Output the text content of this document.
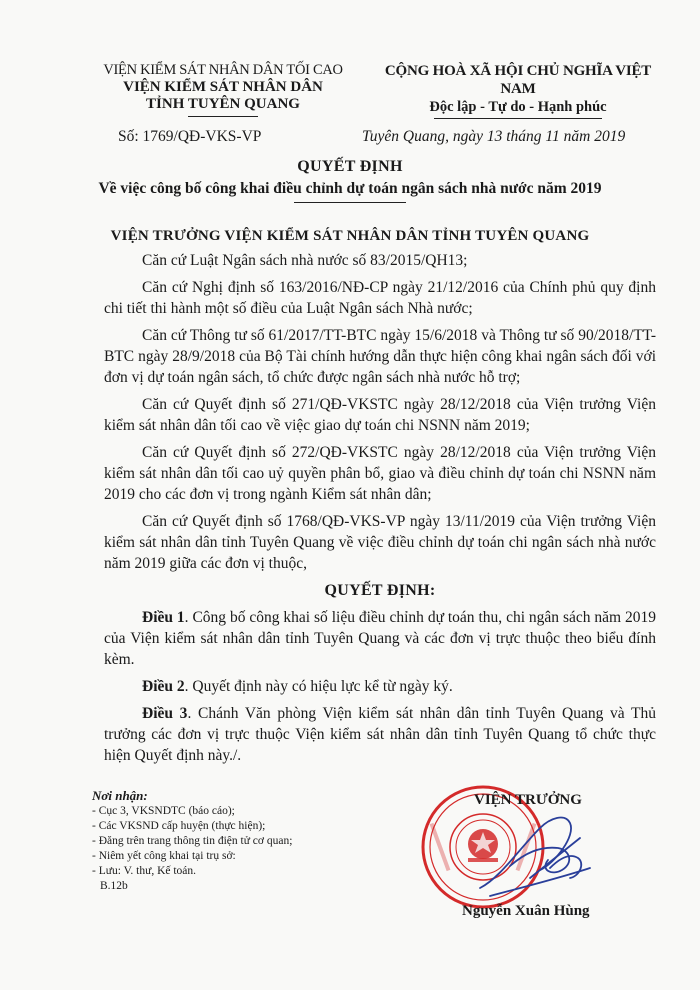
VIỆN KIỂM SÁT NHÂN DÂN TỐI CAO
VIỆN KIỂM SÁT NHÂN DÂN
TỈNH TUYÊN QUANG
CỘNG HOÀ XÃ HỘI CHỦ NGHĨA VIỆT NAM
Độc lập - Tự do - Hạnh phúc
Số: 1769/QĐ-VKS-VP	Tuyên Quang, ngày 13 tháng 11 năm 2019
QUYẾT ĐỊNH
Về việc công bố công khai điều chỉnh dự toán ngân sách nhà nước năm 2019
VIỆN TRƯỞNG VIỆN KIỂM SÁT NHÂN DÂN TỈNH TUYÊN QUANG

Căn cứ Luật Ngân sách nhà nước số 83/2015/QH13;

Căn cứ Nghị định số 163/2016/NĐ-CP ngày 21/12/2016 của Chính phủ quy định chi tiết thi hành một số điều của Luật Ngân sách Nhà nước;

Căn cứ Thông tư số 61/2017/TT-BTC ngày 15/6/2018 và Thông tư số 90/2018/TT-BTC ngày 28/9/2018 của Bộ Tài chính hướng dẫn thực hiện công khai ngân sách đối với đơn vị dự toán ngân sách, tổ chức được ngân sách nhà nước hỗ trợ;

Căn cứ Quyết định số 271/QĐ-VKSTC ngày 28/12/2018 của Viện trưởng Viện kiểm sát nhân dân tối cao về việc giao dự toán chi NSNN năm 2019;

Căn cứ Quyết định số 272/QĐ-VKSTC ngày 28/12/2018 của Viện trưởng Viện kiểm sát nhân dân tối cao uỷ quyền phân bổ, giao và điều chỉnh dự toán chi NSNN năm 2019 cho các đơn vị trong ngành Kiểm sát nhân dân;

Căn cứ Quyết định số 1768/QĐ-VKS-VP ngày 13/11/2019 của Viện trưởng Viện kiểm sát nhân dân tỉnh Tuyên Quang về việc điều chỉnh dự toán chi ngân sách nhà nước năm 2019 giữa các đơn vị thuộc,

QUYẾT ĐỊNH:

Điều 1. Công bố công khai số liệu điều chỉnh dự toán thu, chi ngân sách năm 2019 của Viện kiểm sát nhân dân tỉnh Tuyên Quang và các đơn vị trực thuộc theo biểu đính kèm.

Điều 2. Quyết định này có hiệu lực kể từ ngày ký.

Điều 3. Chánh Văn phòng Viện kiểm sát nhân dân tỉnh Tuyên Quang và Thủ trưởng các đơn vị trực thuộc Viện kiểm sát nhân dân tỉnh Tuyên Quang tổ chức thực hiện Quyết định này./.

Nơi nhận:
- Cục 3, VKSNDTC (báo cáo);
- Các VKSND cấp huyện (thực hiện);
- Đăng trên trang thông tin điện tử cơ quan;
- Niêm yết công khai tại trụ sở:
- Lưu: V. thư, Kế toán.
B.12b
VIỆN TRƯỞNG
Nguyễn Xuân Hùng
